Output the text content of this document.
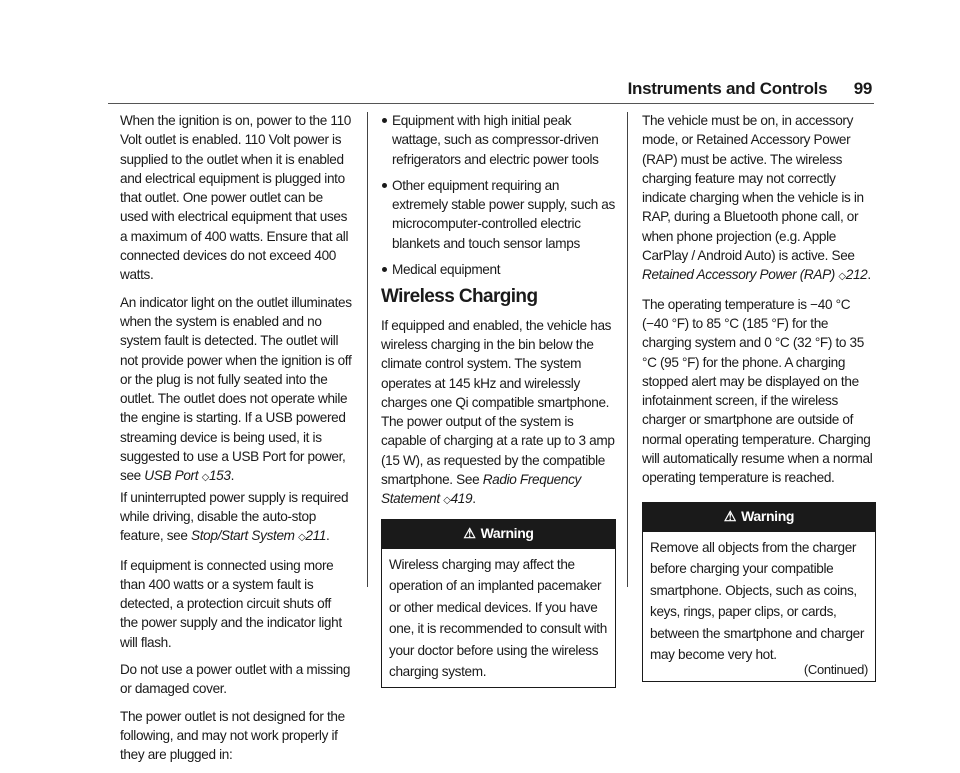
Instruments and Controls 99

When the ignition is on, power to the 110 Volt outlet is enabled. 110 Volt power is supplied to the outlet when it is enabled and electrical equipment is plugged into that outlet. One power outlet can be used with electrical equipment that uses a maximum of 400 watts. Ensure that all connected devices do not exceed 400 watts.

An indicator light on the outlet illuminates when the system is enabled and no system fault is detected. The outlet will not provide power when the ignition is off or the plug is not fully seated into the outlet. The outlet does not operate while the engine is starting. If a USB powered streaming device is being used, it is suggested to use a USB Port for power, see USB Port ◇153.

If uninterrupted power supply is required while driving, disable the auto-stop feature, see Stop/Start System ◇211.

If equipment is connected using more than 400 watts or a system fault is detected, a protection circuit shuts off the power supply and the indicator light will flash.

Do not use a power outlet with a missing or damaged cover.

The power outlet is not designed for the following, and may not work properly if they are plugged in:

Equipment with high initial peak wattage, such as compressor-driven refrigerators and electric power tools
Other equipment requiring an extremely stable power supply, such as microcomputer-controlled electric blankets and touch sensor lamps
Medical equipment
Wireless Charging

If equipped and enabled, the vehicle has wireless charging in the bin below the climate control system. The system operates at 145 kHz and wirelessly charges one Qi compatible smartphone. The power output of the system is capable of charging at a rate up to 3 amp (15 W), as requested by the compatible smartphone. See Radio Frequency Statement ◇419.

⚠ Warning
Wireless charging may affect the operation of an implanted pacemaker or other medical devices. If you have one, it is recommended to consult with your doctor before using the wireless charging system.

The vehicle must be on, in accessory mode, or Retained Accessory Power (RAP) must be active. The wireless charging feature may not correctly indicate charging when the vehicle is in RAP, during a Bluetooth phone call, or when phone projection (e.g. Apple CarPlay / Android Auto) is active. See Retained Accessory Power (RAP) ◇212.

The operating temperature is −40 °C (−40 °F) to 85 °C (185 °F) for the charging system and 0 °C (32 °F) to 35 °C (95 °F) for the phone. A charging stopped alert may be displayed on the infotainment screen, if the wireless charger or smartphone are outside of normal operating temperature. Charging will automatically resume when a normal operating temperature is reached.

⚠ Warning
Remove all objects from the charger before charging your compatible smartphone. Objects, such as coins, keys, rings, paper clips, or cards, between the smartphone and charger may become very hot.
(Continued)
